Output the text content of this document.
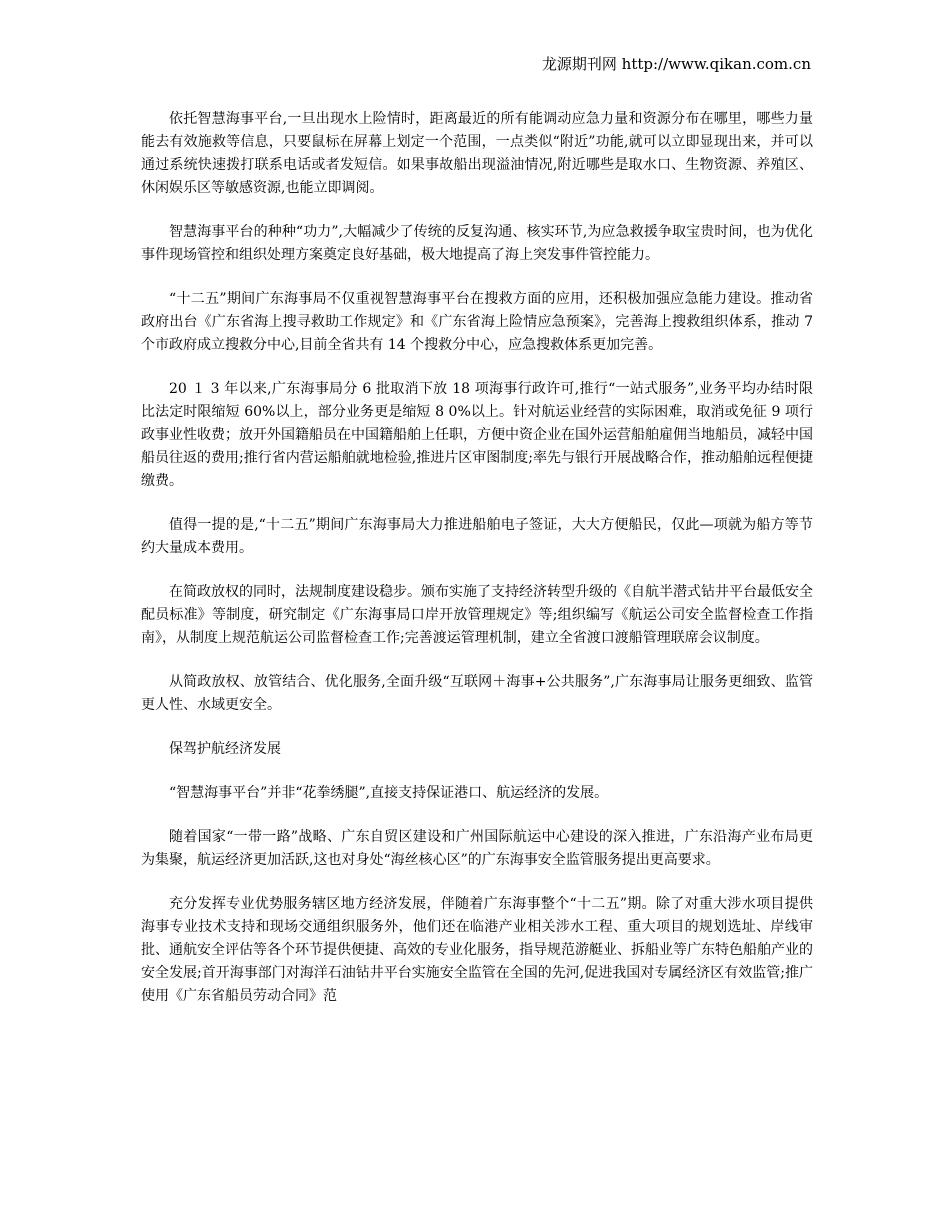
龙源期刊网 http://www.qikan.com.cn

依托智慧海事平台,一旦出现水上险情时，距离最近的所有能调动应急力量和资源分布在哪里，哪些力量能去有效施救等信息，只要鼠标在屏幕上划定一个范围，一点类似“附近”功能,就可以立即显现出来，并可以通过系统快速拨打联系电话或者发短信。如果事故船出现溢油情况,附近哪些是取水口、生物资源、养殖区、休闲娱乐区等敏感资源,也能立即调阅。

智慧海事平台的种种“功力”,大幅减少了传统的反复沟通、核实环节,为应急救援争取宝贵时间，也为优化事件现场管控和组织处理方案奠定良好基础，极大地提高了海上突发事件管控能力。

“十二五”期间广东海事局不仅重视智慧海事平台在搜救方面的应用，还积极加强应急能力建设。推动省政府出台《广东省海上搜寻救助工作规定》和《广东省海上险情应急预案》，完善海上搜救组织体系，推动 7 个市政府成立搜救分中心,目前全省共有 14 个搜救分中心，应急搜救体系更加完善。

20 １ 3 年以来,广东海事局分 6 批取消下放 18 项海事行政许可,推行“一站式服务”,业务平均办结时限比法定时限缩短 60%以上，部分业务更是缩短 8 0%以上。针对航运业经营的实际困难，取消或免征 9 项行政事业性收费；放开外国籍船员在中国籍船舶上任职，方便中资企业在国外运营船舶雇佣当地船员，减轻中国船员往返的费用;推行省内营运船舶就地检验,推进片区审图制度;率先与银行开展战略合作，推动船舶远程便捷缴费。

值得一提的是,“十二五”期间广东海事局大力推进船舶电子签证，大大方便船民，仅此—项就为船方等节约大量成本费用。

在简政放权的同时，法规制度建设稳步。颁布实施了支持经济转型升级的《自航半潜式钻井平台最低安全配员标准》等制度，研究制定《广东海事局口岸开放管理规定》等;组织编写《航运公司安全监督检查工作指南》，从制度上规范航运公司监督检查工作;完善渡运管理机制，建立全省渡口渡船管理联席会议制度。

从简政放权、放管结合、优化服务,全面升级“互联网＋海事+公共服务”,广东海事局让服务更细致、监管更人性、水域更安全。

保驾护航经济发展

“智慧海事平台”并非“花拳绣腿”,直接支持保证港口、航运经济的发展。

随着国家“一带一路”战略、广东自贸区建设和广州国际航运中心建设的深入推进，广东沿海产业布局更为集聚，航运经济更加活跃,这也对身处“海丝核心区”的广东海事安全监管服务提出更高要求。

充分发挥专业优势服务辖区地方经济发展，伴随着广东海事整个“十二五”期。除了对重大涉水项目提供海事专业技术支持和现场交通组织服务外，他们还在临港产业相关涉水工程、重大项目的规划选址、岸线审批、通航安全评估等各个环节提供便捷、高效的专业化服务，指导规范游艇业、拆船业等广东特色船舶产业的安全发展;首开海事部门对海洋石油钻井平台实施安全监管在全国的先河,促进我国对专属经济区有效监管;推广使用《广东省船员劳动合同》范
